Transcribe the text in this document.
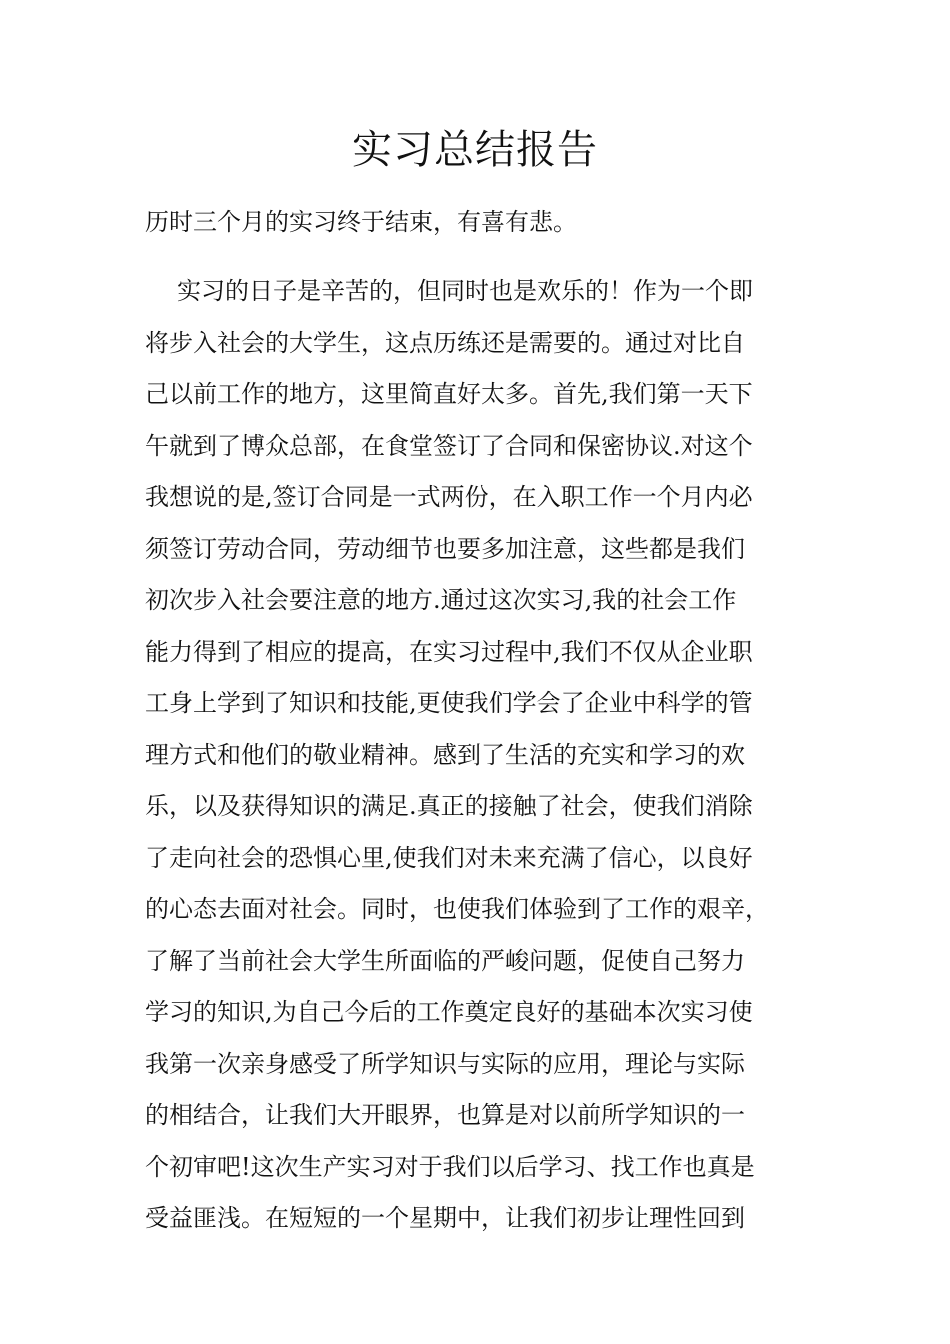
实习总结报告

历时三个月的实习终于结束，有喜有悲。

实习的日子是辛苦的，但同时也是欢乐的！作为一个即
将步入社会的大学生，这点历练还是需要的。通过对比自
己以前工作的地方，这里简直好太多。首先,我们第一天下
午就到了博众总部，在食堂签订了合同和保密协议.对这个
我想说的是,签订合同是一式两份，在入职工作一个月内必
须签订劳动合同，劳动细节也要多加注意，这些都是我们
初次步入社会要注意的地方.通过这次实习,我的社会工作
能力得到了相应的提高，在实习过程中,我们不仅从企业职
工身上学到了知识和技能,更使我们学会了企业中科学的管
理方式和他们的敬业精神。感到了生活的充实和学习的欢
乐，以及获得知识的满足.真正的接触了社会，使我们消除
了走向社会的恐惧心里,使我们对未来充满了信心，以良好
的心态去面对社会。同时，也使我们体验到了工作的艰辛，
了解了当前社会大学生所面临的严峻问题，促使自己努力
学习的知识,为自己今后的工作奠定良好的基础本次实习使
我第一次亲身感受了所学知识与实际的应用，理论与实际
的相结合，让我们大开眼界，也算是对以前所学知识的一
个初审吧!这次生产实习对于我们以后学习、找工作也真是
受益匪浅。在短短的一个星期中，让我们初步让理性回到
